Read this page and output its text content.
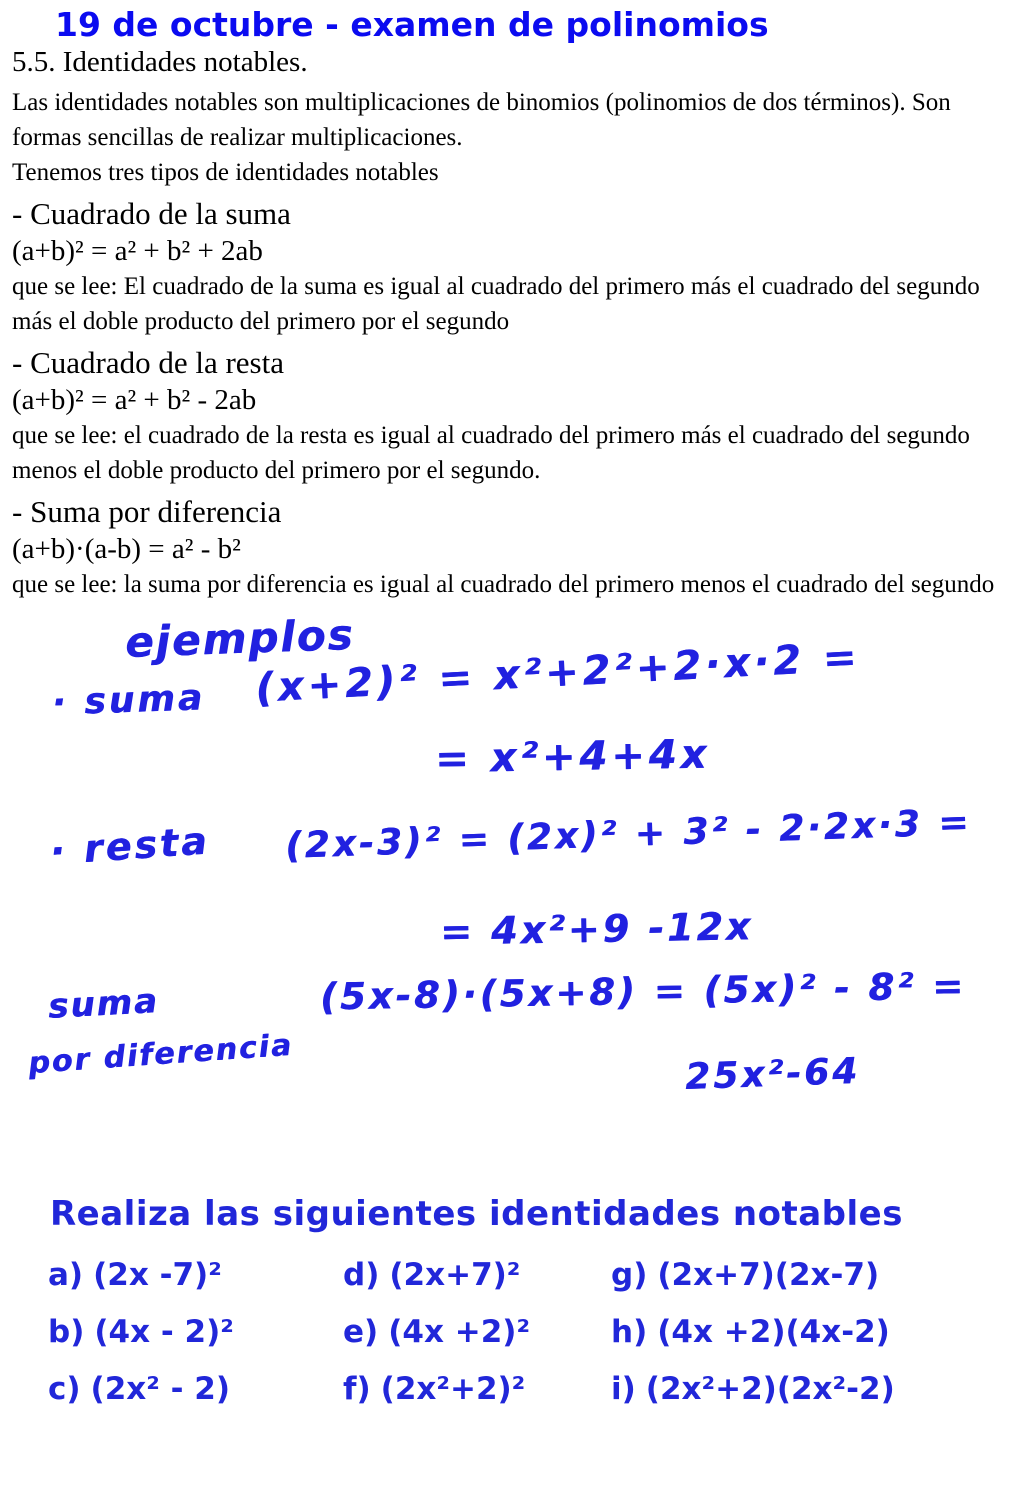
19 de octubre - examen de polinomios
5.5. Identidades notables.

Las identidades notables son multiplicaciones de binomios (polinomios de dos términos). Son formas sencillas de realizar multiplicaciones.

Tenemos tres tipos de identidades notables

- Cuadrado de la suma
(a+b)² = a² + b² + 2ab

que se lee: El cuadrado de la suma es igual al cuadrado del primero más el cuadrado del segundo más el doble producto del primero por el segundo

- Cuadrado de la resta
(a+b)² = a² + b² - 2ab

que se lee: el cuadrado de la resta es igual al cuadrado del primero más el cuadrado del segundo menos el doble producto del primero por el segundo.

- Suma por diferencia
(a+b)·(a-b) = a² - b²

que se lee: la suma por diferencia es igual al cuadrado del primero menos el cuadrado del segundo

ejemplos
· suma (x+2)² = x²+2²+2·x·2 =
= x²+4+4x
· resta (2x-3)² = (2x)² + 3² - 2·2x·3 =
= 4x²+9 -12x
suma
por diferencia
(5x-8)·(5x+8) = (5x)² - 8² =
25x²-64
Realiza las siguientes identidades notables
a) (2x -7)²
b) (4x - 2)²
c) (2x² - 2)
d) (2x+7)²
e) (4x +2)²
f) (2x²+2)²
g) (2x+7)(2x-7)
h) (4x +2)(4x-2)
i) (2x²+2)(2x²-2)
